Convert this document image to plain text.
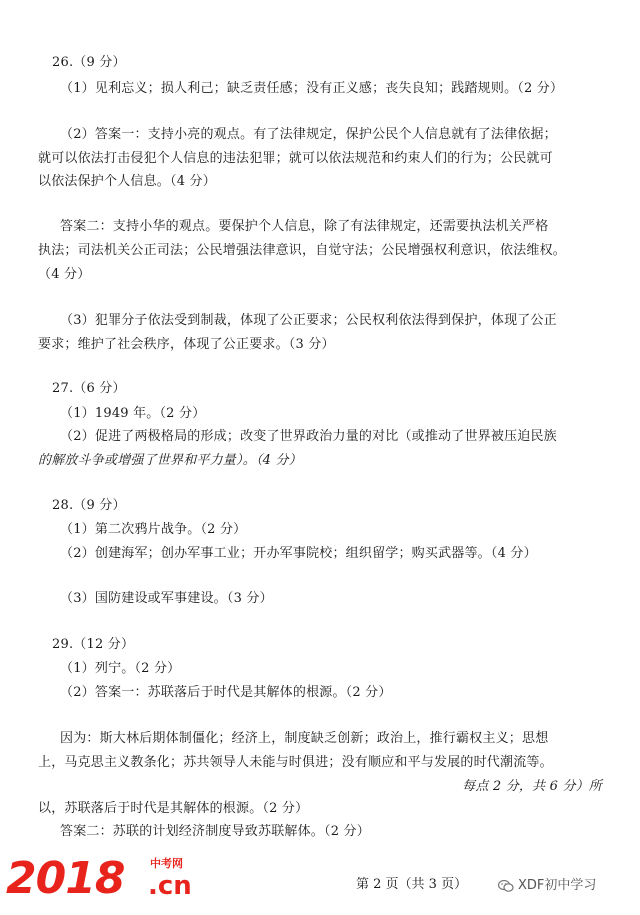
26.（9 分）
（1）见利忘义；损人利己；缺乏责任感；没有正义感；丧失良知；践踏规则。（2 分）
（2）答案一：支持小亮的观点。有了法律规定，保护公民个人信息就有了法律依据；
就可以依法打击侵犯个人信息的违法犯罪；就可以依法规范和约束人们的行为；公民就可
以依法保护个人信息。（4 分）
答案二：支持小华的观点。要保护个人信息，除了有法律规定，还需要执法机关严格
执法；司法机关公正司法；公民增强法律意识，自觉守法；公民增强权利意识，依法维权。
（4 分）
（3）犯罪分子依法受到制裁，体现了公正要求；公民权利依法得到保护，体现了公正
要求；维护了社会秩序，体现了公正要求。（3 分）
27.（6 分）
（1）1949 年。（2 分）
（2）促进了两极格局的形成；改变了世界政治力量的对比（或推动了世界被压迫民族
的解放斗争或增强了世界和平力量）。（4 分）
28.（9 分）
（1）第二次鸦片战争。（2 分）
（2）创建海军；创办军事工业；开办军事院校；组织留学；购买武器等。（4 分）
（3）国防建设或军事建设。（3 分）
29.（12 分）
（1）列宁。（2 分）
（2）答案一：苏联落后于时代是其解体的根源。（2 分）
因为：斯大林后期体制僵化；经济上，制度缺乏创新；政治上，推行霸权主义；思想
上，马克思主义教条化；苏共领导人未能与时俱进；没有顺应和平与发展的时代潮流等。
每点 2 分，共 6 分）所
以，苏联落后于时代是其解体的根源。（2 分）
答案二：苏联的计划经济制度导致苏联解体。（2 分）
2018 中考网
.cn	第 2 页（共 3 页）	XDF初中学习
